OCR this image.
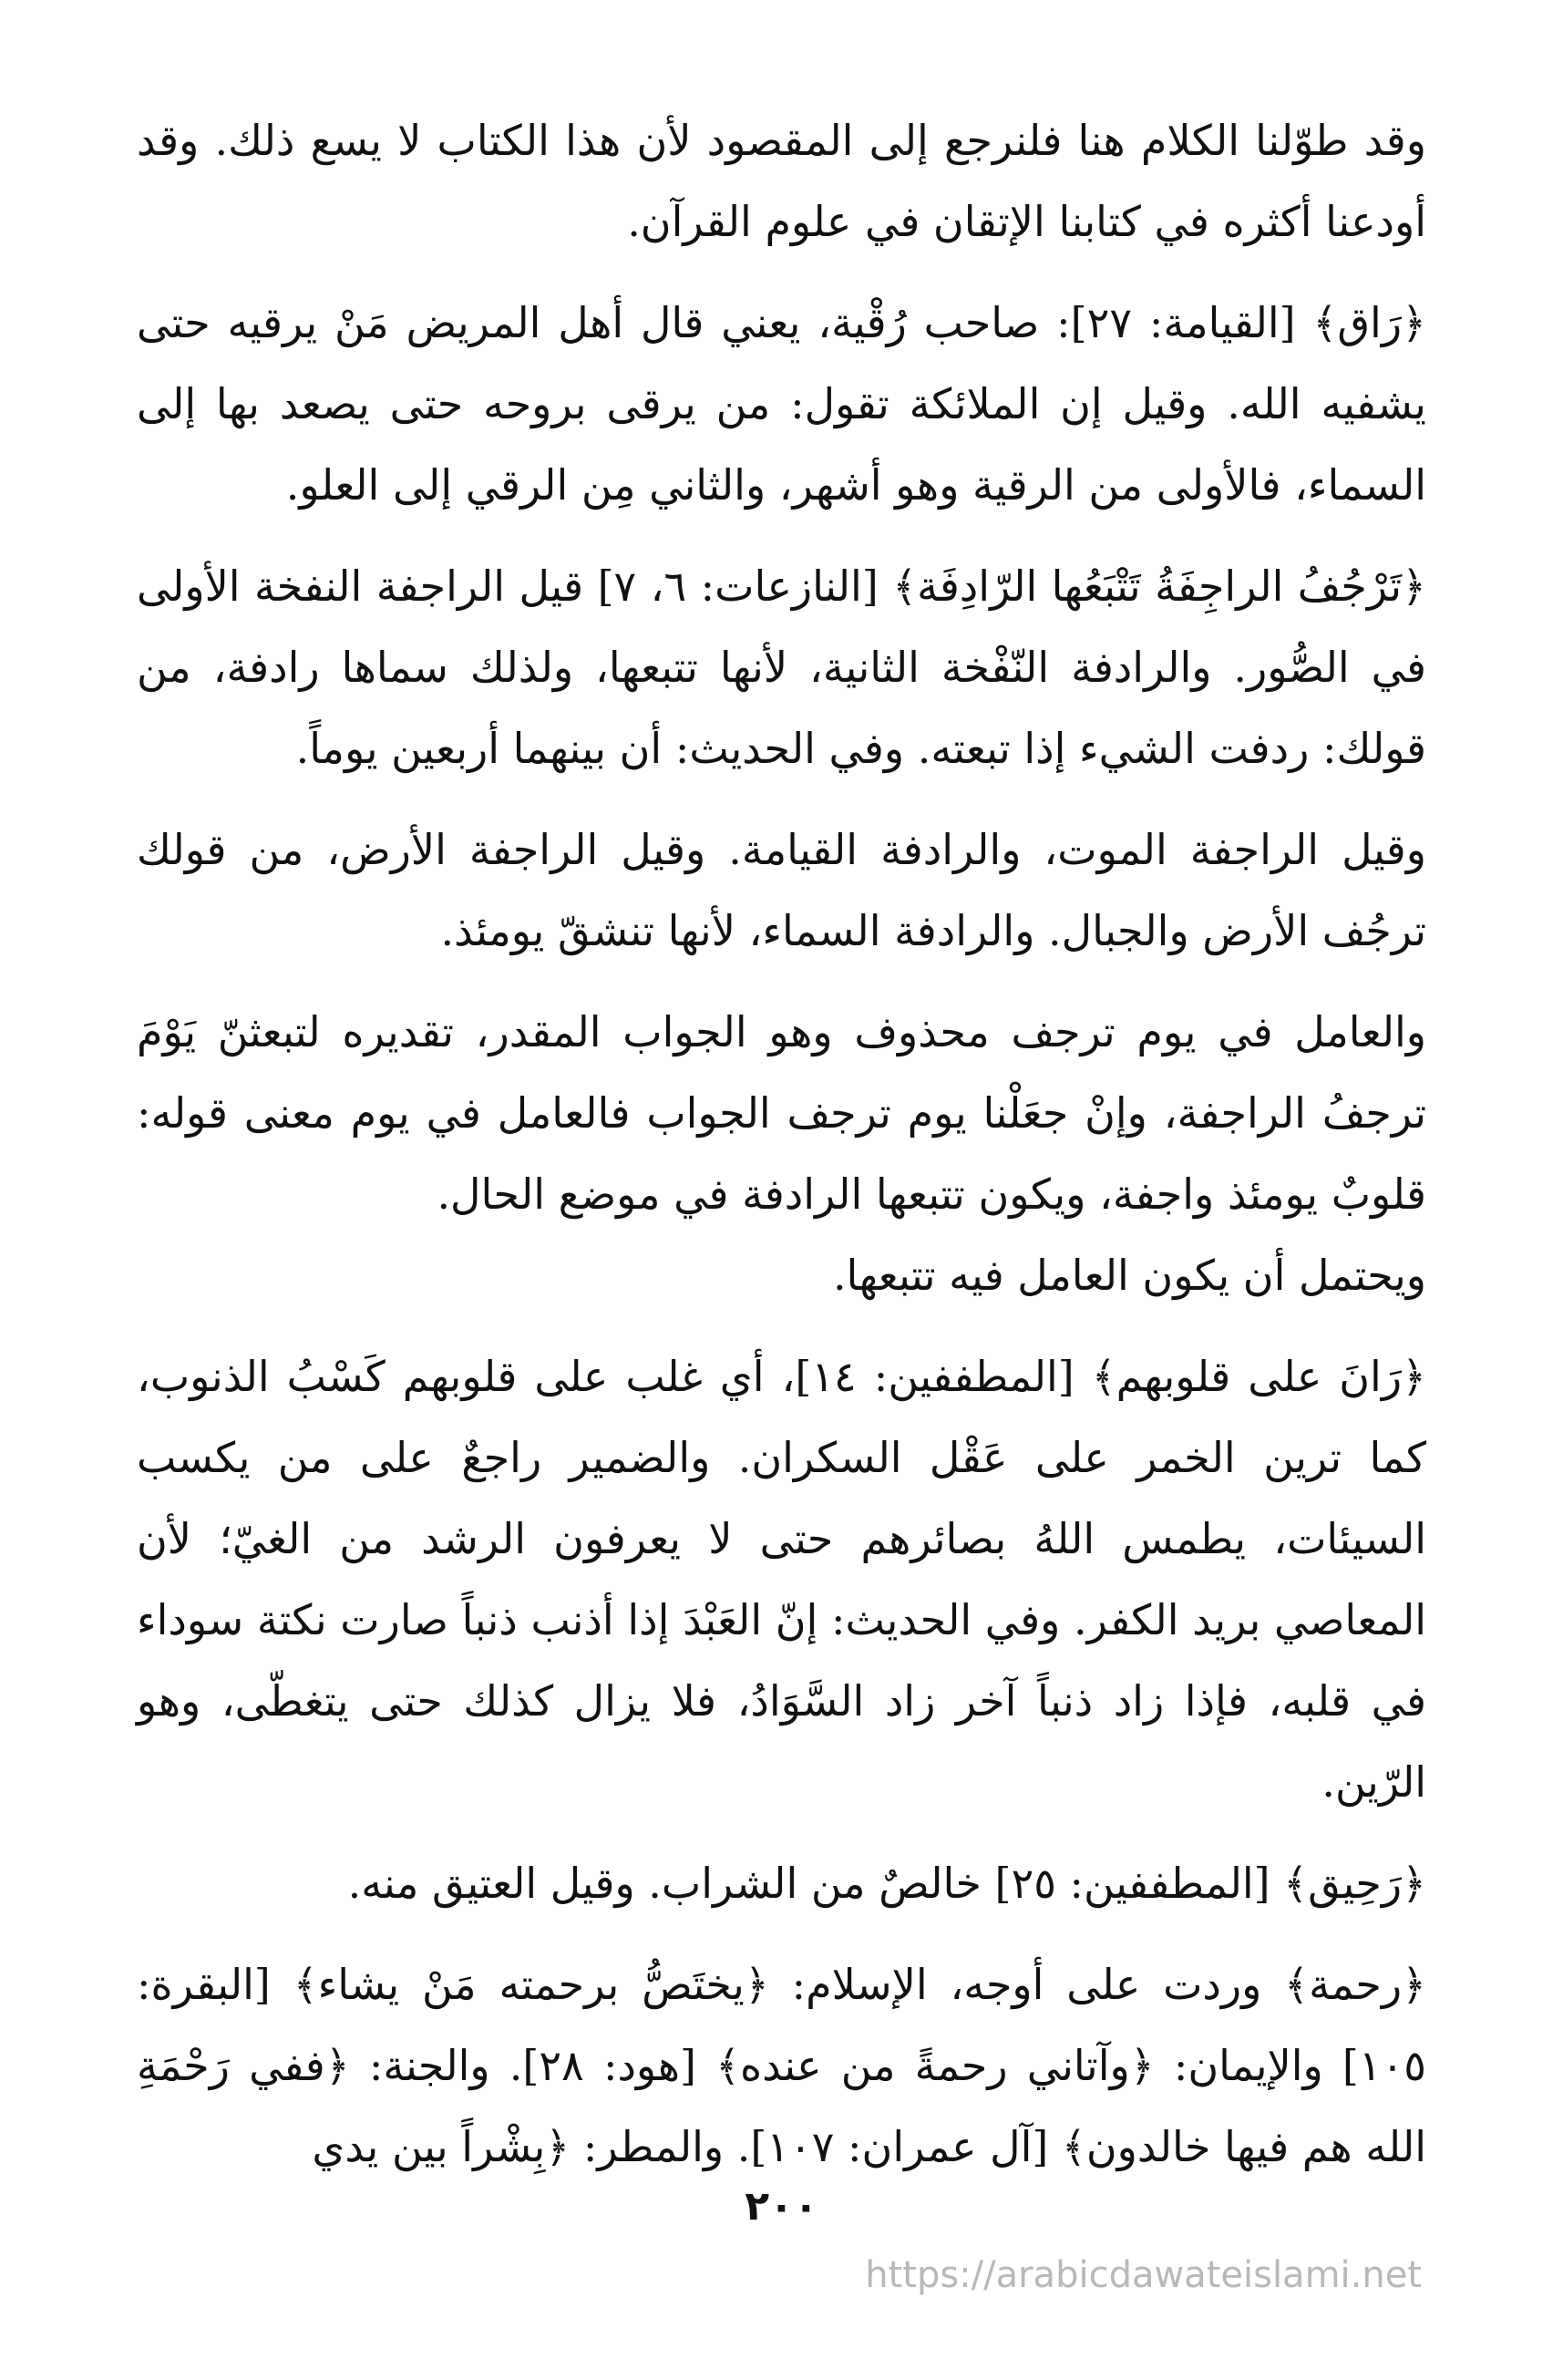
وقد طوّلنا الكلام هنا فلنرجع إلى المقصود لأن هذا الكتاب لا يسع ذلك. وقد أودعنا أكثره في كتابنا الإتقان في علوم القرآن.

﴿رَاق﴾ [القيامة: ٢٧]: صاحب رُقْية، يعني قال أهل المريض مَنْ يرقيه حتى يشفيه الله. وقيل إن الملائكة تقول: من يرقى بروحه حتى يصعد بها إلى السماء، فالأولى من الرقية وهو أشهر، والثاني مِن الرقي إلى العلو.

﴿تَرْجُفُ الراجِفَةُ تَتْبَعُها الرّادِفَة﴾ [النازعات: ٦، ٧] قيل الراجفة النفخة الأولى في الصُّور. والرادفة النّفْخة الثانية، لأنها تتبعها، ولذلك سماها رادفة، من قولك: ردفت الشيء إذا تبعته. وفي الحديث: أن بينهما أربعين يوماً.

وقيل الراجفة الموت، والرادفة القيامة. وقيل الراجفة الأرض، من قولك ترجُف الأرض والجبال. والرادفة السماء، لأنها تنشقّ يومئذ.

والعامل في يوم ترجف محذوف وهو الجواب المقدر، تقديره لتبعثنّ يَوْمَ ترجفُ الراجفة، وإنْ جعَلْنا يوم ترجف الجواب فالعامل في يوم معنى قوله: قلوبٌ يومئذ واجفة، ويكون تتبعها الرادفة في موضع الحال.

ويحتمل أن يكون العامل فيه تتبعها.

﴿رَانَ على قلوبهم﴾ [المطففين: ١٤]، أي غلب على قلوبهم كَسْبُ الذنوب، كما ترين الخمر على عَقْل السكران. والضمير راجعٌ على من يكسب السيئات، يطمس اللهُ بصائرهم حتى لا يعرفون الرشد من الغيّ؛ لأن المعاصي بريد الكفر. وفي الحديث: إنّ العَبْدَ إذا أذنب ذنباً صارت نكتة سوداء في قلبه، فإذا زاد ذنباً آخر زاد السَّوَادُ، فلا يزال كذلك حتى يتغطّى، وهو الرّين.

﴿رَحِيق﴾ [المطففين: ٢٥] خالصٌ من الشراب. وقيل العتيق منه.

﴿رحمة﴾ وردت على أوجه، الإسلام: ﴿يختَصُّ برحمته مَنْ يشاء﴾ [البقرة: ١٠٥] والإيمان: ﴿وآتاني رحمةً من عنده﴾ [هود: ٢٨]. والجنة: ﴿ففي رَحْمَةِ الله هم فيها خالدون﴾ [آل عمران: ١٠٧]. والمطر: ﴿بِشْراً بين يدي

٢٠٠
https://arabicdawateislami.net
